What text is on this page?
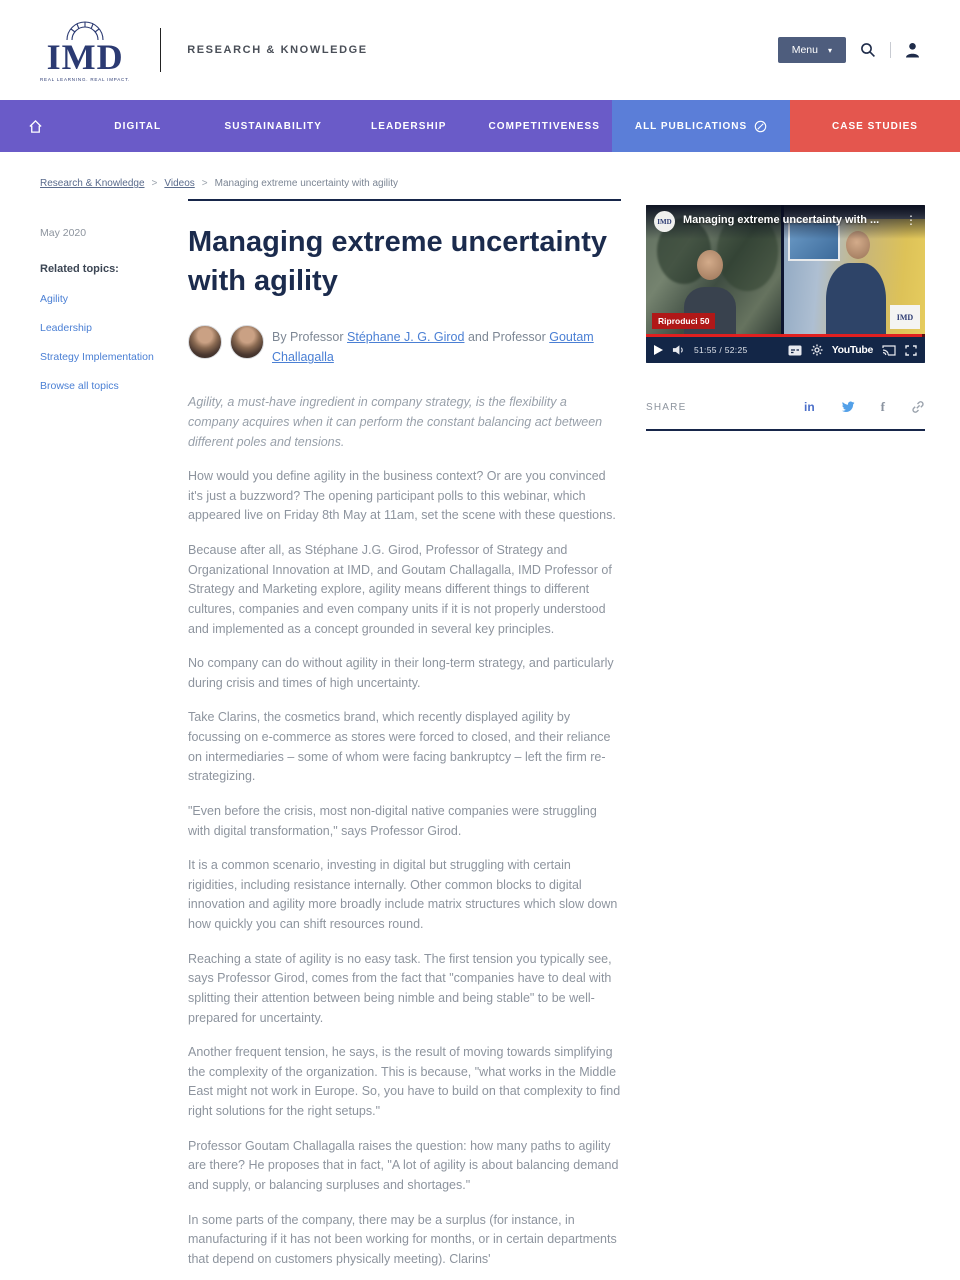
IMD
REAL LEARNING. REAL IMPACT.
RESEARCH & KNOWLEDGE	Menu ▾
DIGITAL	SUSTAINABILITY	LEADERSHIP	COMPETITIVENESS	ALL PUBLICATIONS	CASE STUDIES
Research & Knowledge > Videos > Managing extreme uncertainty with agility
May 2020
Related topics:
Agility
Leadership
Strategy Implementation
Browse all topics
Managing extreme uncertainty with agility
By Professor Stéphane J. G. Girod and Professor Goutam Challagalla

Agility, a must-have ingredient in company strategy, is the flexibility a company acquires when it can perform the constant balancing act between different poles and tensions.

How would you define agility in the business context? Or are you convinced it's just a buzzword? The opening participant polls to this webinar, which appeared live on Friday 8th May at 11am, set the scene with these questions.

Because after all, as Stéphane J.G. Girod, Professor of Strategy and Organizational Innovation at IMD, and Goutam Challagalla, IMD Professor of Strategy and Marketing explore, agility means different things to different cultures, companies and even company units if it is not properly understood and implemented as a concept grounded in several key principles.

No company can do without agility in their long-term strategy, and particularly during crisis and times of high uncertainty.

Take Clarins, the cosmetics brand, which recently displayed agility by focussing on e-commerce as stores were forced to closed, and their reliance on intermediaries – some of whom were facing bankruptcy – left the firm re-strategizing.

"Even before the crisis, most non-digital native companies were struggling with digital transformation," says Professor Girod.

It is a common scenario, investing in digital but struggling with certain rigidities, including resistance internally. Other common blocks to digital innovation and agility more broadly include matrix structures which slow down how quickly you can shift resources round.

Reaching a state of agility is no easy task. The first tension you typically see, says Professor Girod, comes from the fact that "companies have to deal with splitting their attention between being nimble and being stable" to be well-prepared for uncertainty.

Another frequent tension, he says, is the result of moving towards simplifying the complexity of the organization. This is because, "what works in the Middle East might not work in Europe. So, you have to build on that complexity to find right solutions for the right setups."

Professor Goutam Challagalla raises the question: how many paths to agility are there? He proposes that in fact, "A lot of agility is about balancing demand and supply, or balancing surpluses and shortages."

In some parts of the company, there may be a surplus (for instance, in manufacturing if it has not been working for months, or in certain departments that depend on customers physically meeting). Clarins'

Riproduci 50	IMD
IMD	Managing extreme uncertainty with ...	⋮
51:55 / 52:25	YouTube
SHARE	in	f
